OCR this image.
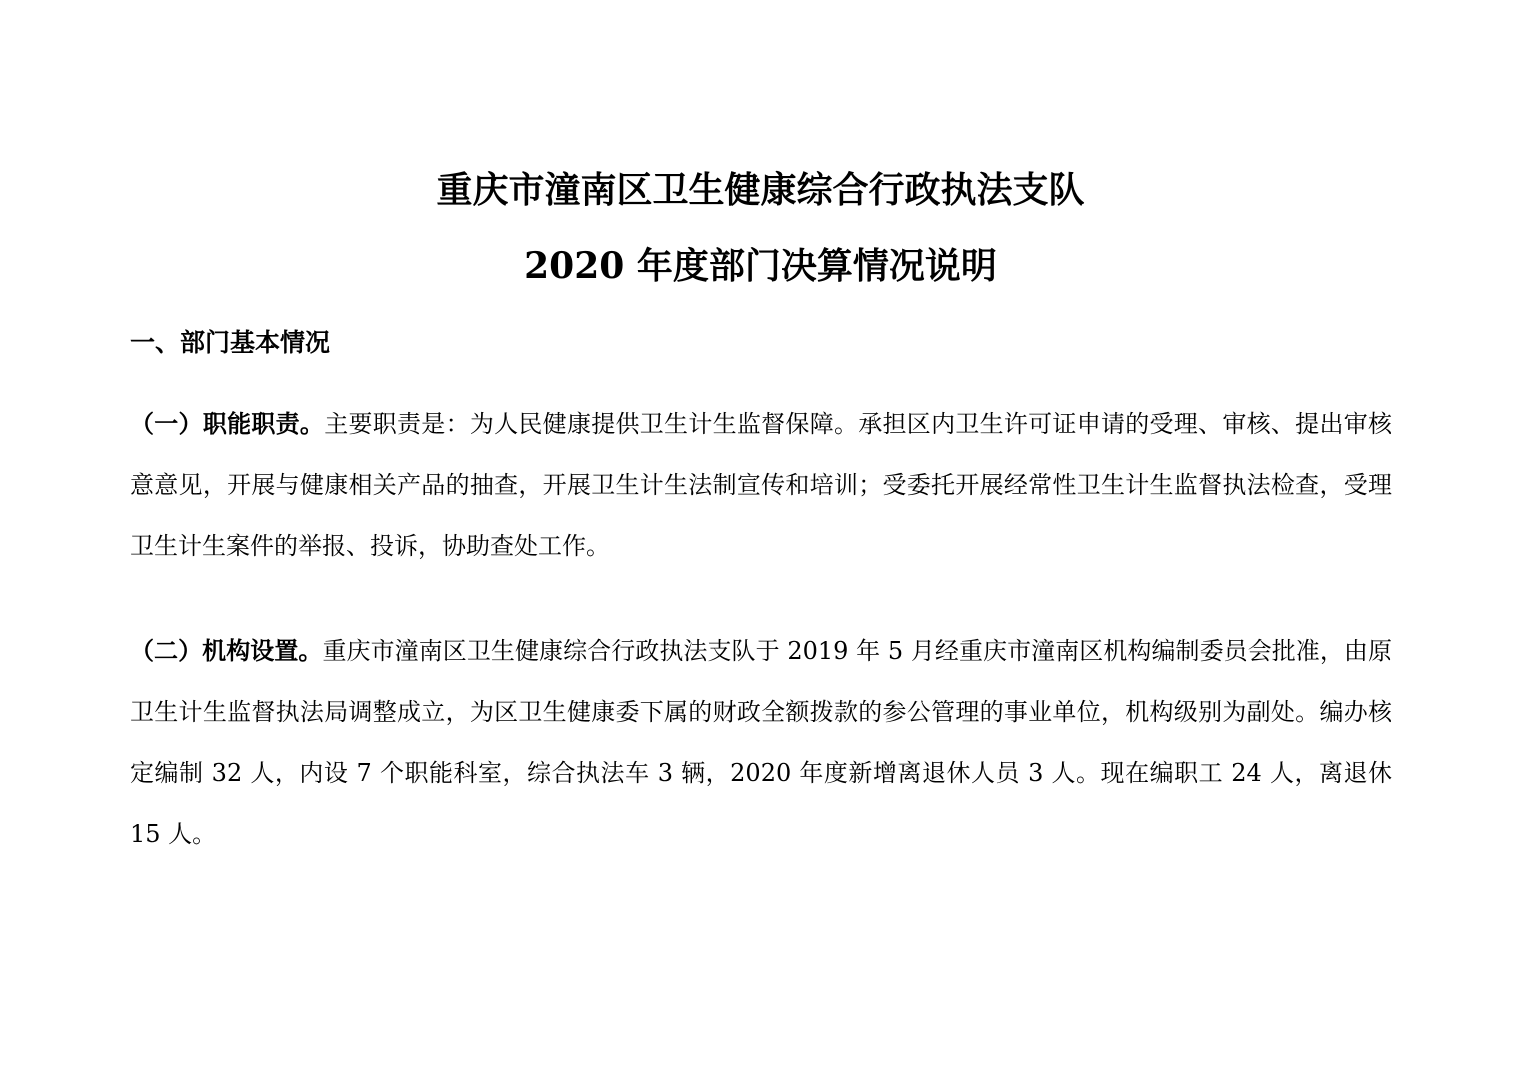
重庆市潼南区卫生健康综合行政执法支队
2020 年度部门决算情况说明
一、部门基本情况
（一）职能职责。主要职责是：为人民健康提供卫生计生监督保障。承担区内卫生许可证申请的受理、审核、提出审核意意见，开展与健康相关产品的抽查，开展卫生计生法制宣传和培训；受委托开展经常性卫生计生监督执法检查，受理卫生计生案件的举报、投诉，协助查处工作。
（二）机构设置。重庆市潼南区卫生健康综合行政执法支队于 2019 年 5 月经重庆市潼南区机构编制委员会批准，由原卫生计生监督执法局调整成立，为区卫生健康委下属的财政全额拨款的参公管理的事业单位，机构级别为副处。编办核定编制 32 人，内设 7 个职能科室，综合执法车 3 辆，2020 年度新增离退休人员 3 人。现在编职工 24 人，离退休 15 人。
